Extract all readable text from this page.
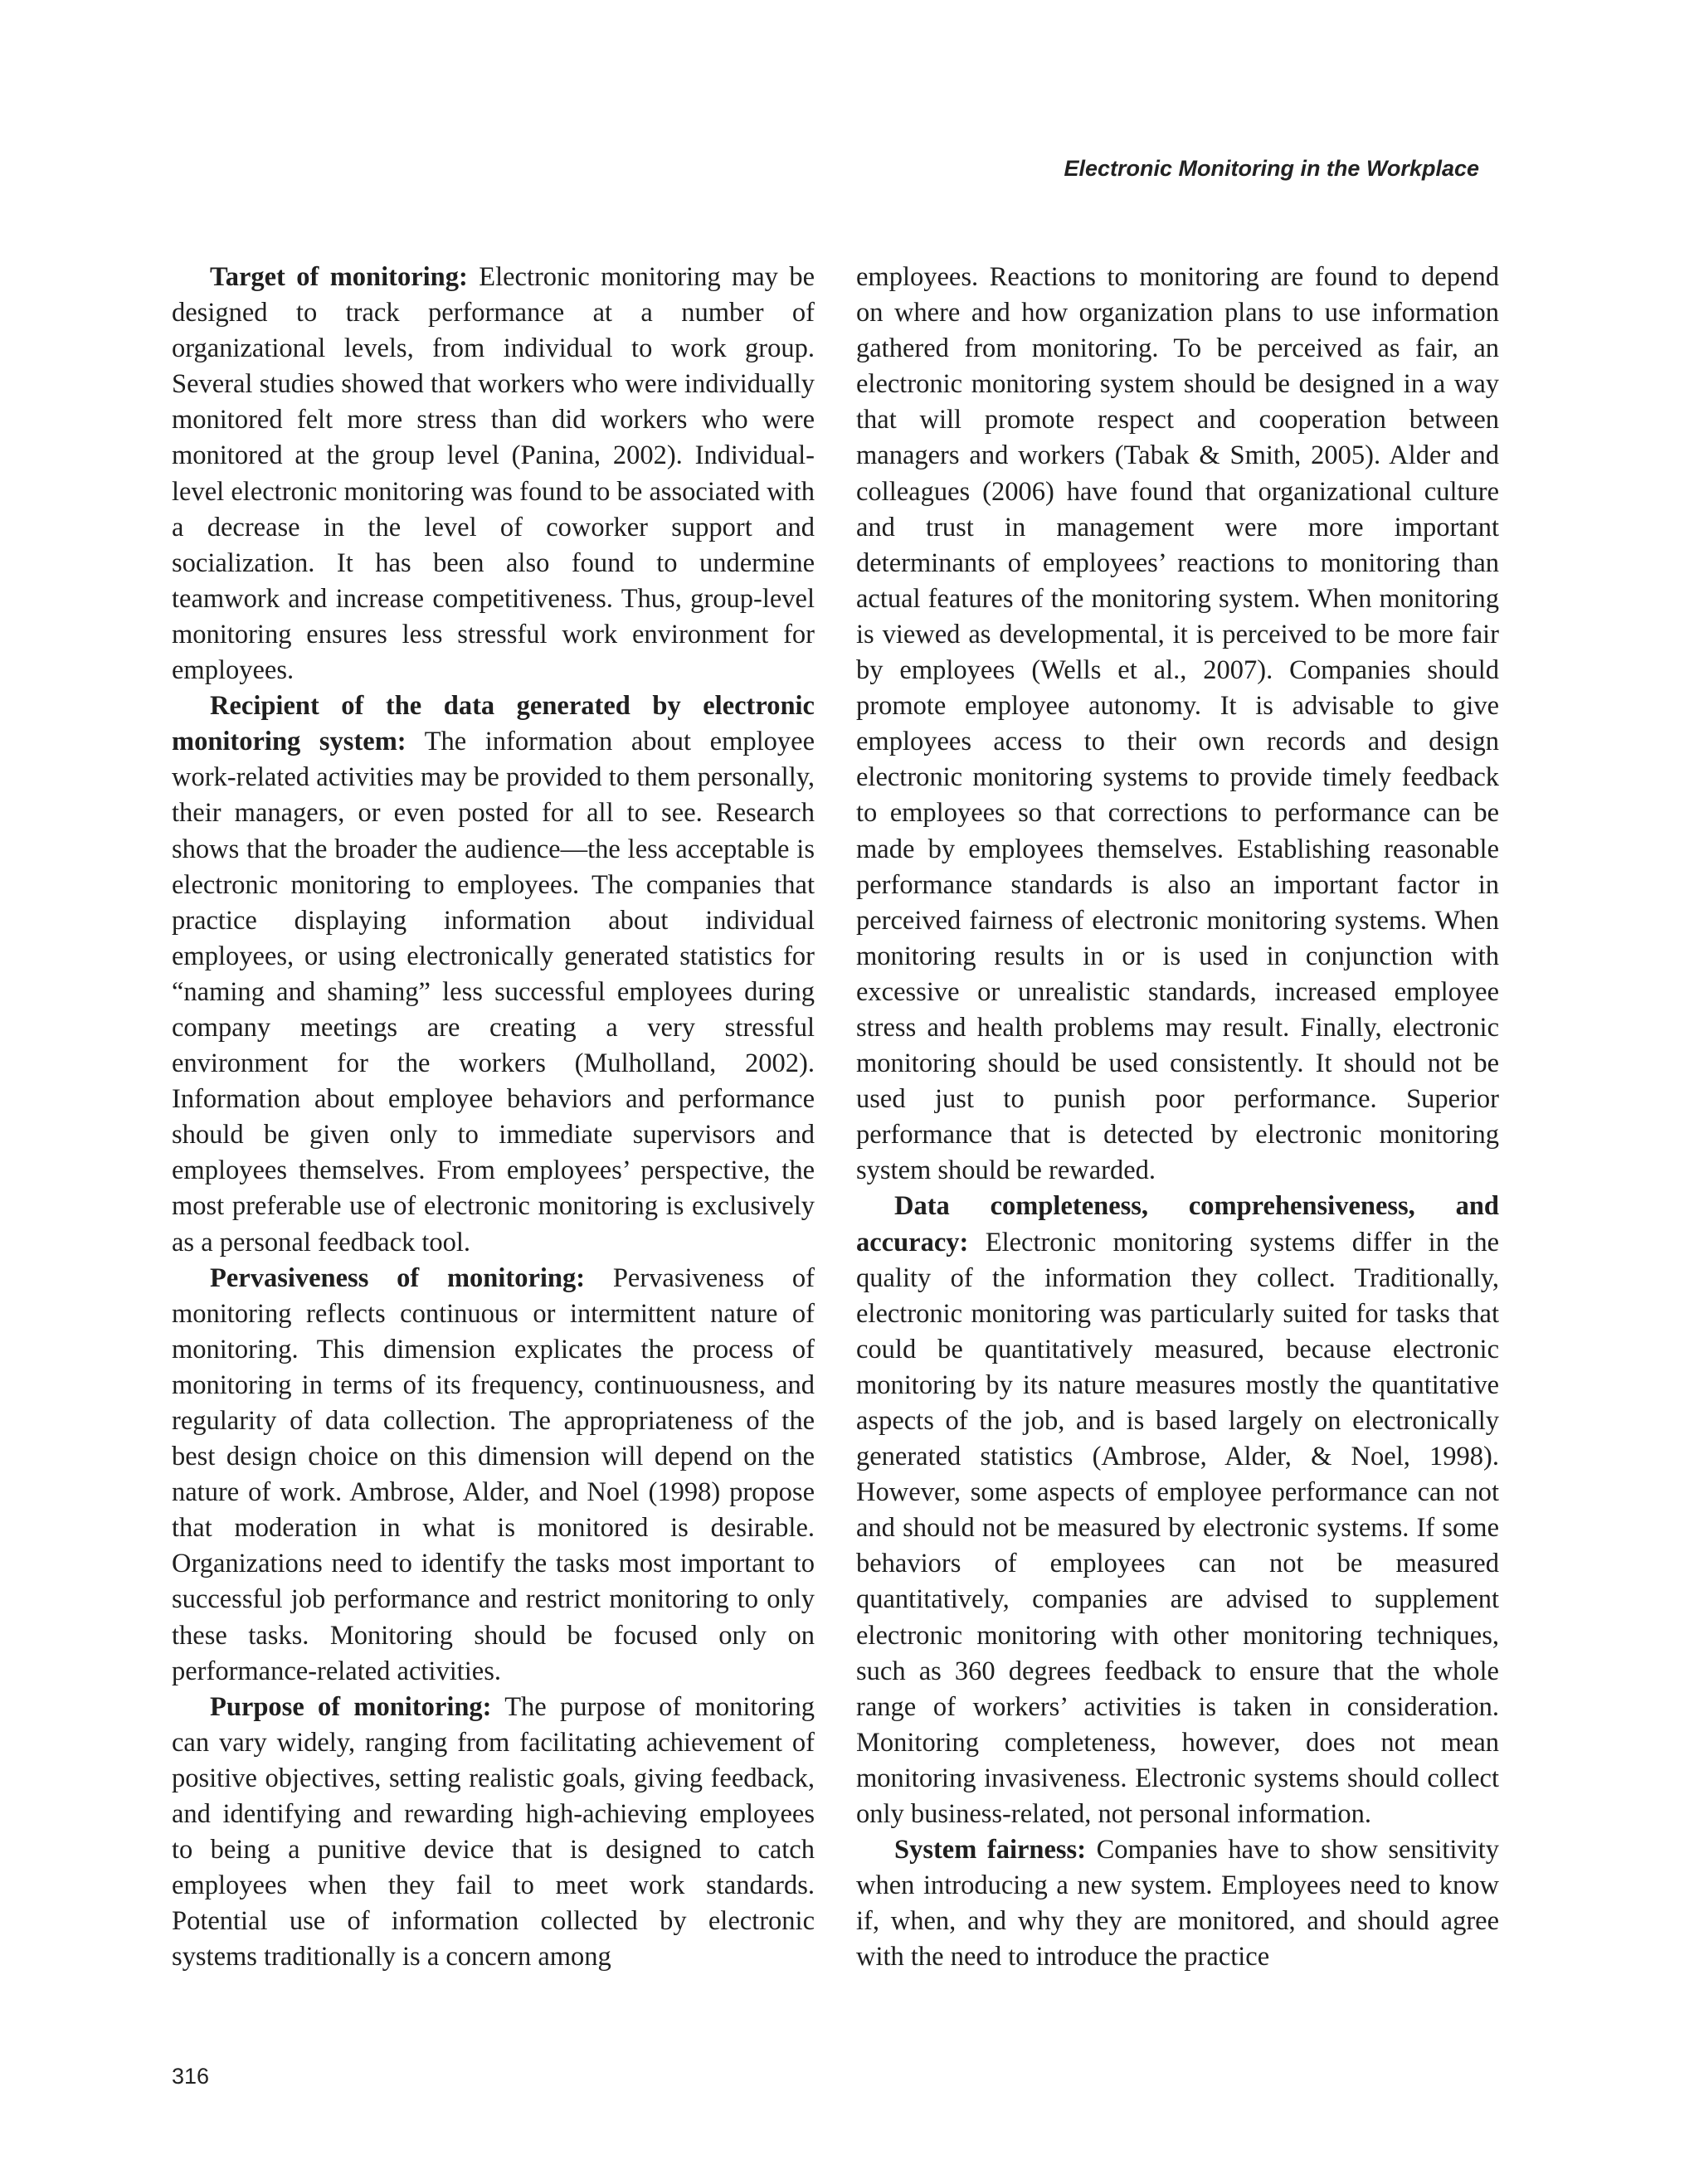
Electronic Monitoring in the Workplace

Target of monitoring: Electronic monitoring may be designed to track performance at a number of organizational levels, from individual to work group. Several studies showed that workers who were individually monitored felt more stress than did workers who were monitored at the group level (Panina, 2002). Individual-level electronic monitoring was found to be associated with a decrease in the level of coworker support and socialization. It has been also found to undermine teamwork and increase competitiveness. Thus, group-level monitoring ensures less stressful work environment for employees.

Recipient of the data generated by electronic monitoring system: The information about employee work-related activities may be provided to them personally, their managers, or even posted for all to see. Research shows that the broader the audience—the less acceptable is electronic monitoring to employees. The companies that practice displaying information about individual employees, or using electronically generated statistics for “naming and shaming” less successful employees during company meetings are creating a very stressful environment for the workers (Mulholland, 2002). Information about employee behaviors and performance should be given only to immediate supervisors and employees themselves. From employees’ perspective, the most preferable use of electronic monitoring is exclusively as a personal feedback tool.

Pervasiveness of monitoring: Pervasiveness of monitoring reflects continuous or intermittent nature of monitoring. This dimension explicates the process of monitoring in terms of its frequency, continuousness, and regularity of data collection. The appropriateness of the best design choice on this dimension will depend on the nature of work. Ambrose, Alder, and Noel (1998) propose that moderation in what is monitored is desirable. Organizations need to identify the tasks most important to successful job performance and restrict monitoring to only these tasks. Monitoring should be focused only on performance-related activities.

Purpose of monitoring: The purpose of monitoring can vary widely, ranging from facilitating achievement of positive objectives, setting realistic goals, giving feedback, and identifying and rewarding high-achieving employees to being a punitive device that is designed to catch employees when they fail to meet work standards. Potential use of information collected by electronic systems traditionally is a concern among

employees. Reactions to monitoring are found to depend on where and how organization plans to use information gathered from monitoring. To be perceived as fair, an electronic monitoring system should be designed in a way that will promote respect and cooperation between managers and workers (Tabak & Smith, 2005). Alder and colleagues (2006) have found that organizational culture and trust in management were more important determinants of employees’ reactions to monitoring than actual features of the monitoring system. When monitoring is viewed as developmental, it is perceived to be more fair by employees (Wells et al., 2007). Companies should promote employee autonomy. It is advisable to give employees access to their own records and design electronic monitoring systems to provide timely feedback to employees so that corrections to performance can be made by employees themselves. Establishing reasonable performance standards is also an important factor in perceived fairness of electronic monitoring systems. When monitoring results in or is used in conjunction with excessive or unrealistic standards, increased employee stress and health problems may result. Finally, electronic monitoring should be used consistently. It should not be used just to punish poor performance. Superior performance that is detected by electronic monitoring system should be rewarded.

Data completeness, comprehensiveness, and accuracy: Electronic monitoring systems differ in the quality of the information they collect. Traditionally, electronic monitoring was particularly suited for tasks that could be quantitatively measured, because electronic monitoring by its nature measures mostly the quantitative aspects of the job, and is based largely on electronically generated statistics (Ambrose, Alder, & Noel, 1998). However, some aspects of employee performance can not and should not be measured by electronic systems. If some behaviors of employees can not be measured quantitatively, companies are advised to supplement electronic monitoring with other monitoring techniques, such as 360 degrees feedback to ensure that the whole range of workers’ activities is taken in consideration. Monitoring completeness, however, does not mean monitoring invasiveness. Electronic systems should collect only business-related, not personal information.

System fairness: Companies have to show sensitivity when introducing a new system. Employees need to know if, when, and why they are monitored, and should agree with the need to introduce the practice

316
